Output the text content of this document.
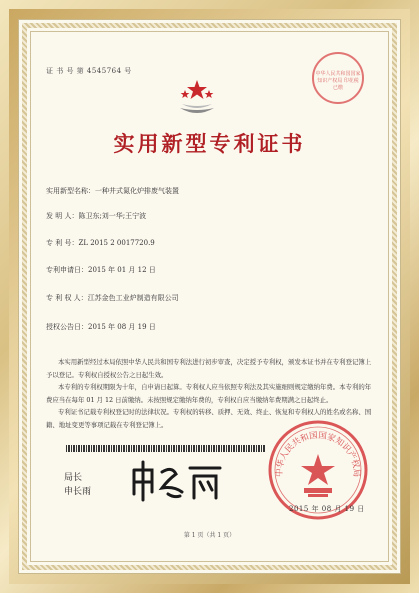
证 书 号 第 4545764 号	中华人民共和国国家知识产权局 印花税 已缴
实用新型专利证书
实用新型名称：一种井式氮化炉排废气装置
发 明 人：陈卫东;刘一华;王宁波
专 利 号：ZL 2015 2 0017720.9
专利申请日：2015 年 01 月 12 日
专 利 权 人：江苏金色工业炉制造有限公司
授权公告日：2015 年 08 月 19 日

本实用新型经过本局依照中华人民共和国专利法进行初步审查，决定授予专利权，颁发本证书并在专利登记簿上予以登记。专利权自授权公告之日起生效。

本专利的专利权期限为十年，自申请日起算。专利权人应当依照专利法及其实施细则规定缴纳年费。本专利的年费应当在每年 01 月 12 日前缴纳。未按照规定缴纳年费的，专利权自应当缴纳年费期满之日起终止。

专利证书记载专利权登记时的法律状况。专利权的转移、质押、无效、终止、恢复和专利权人的姓名或名称、国籍、地址变更等事项记载在专利登记簿上。

局长
申长雨
中华人民共和国国家知识产权局
2015 年 08 月 19 日
第 1 页（共 1 页）
